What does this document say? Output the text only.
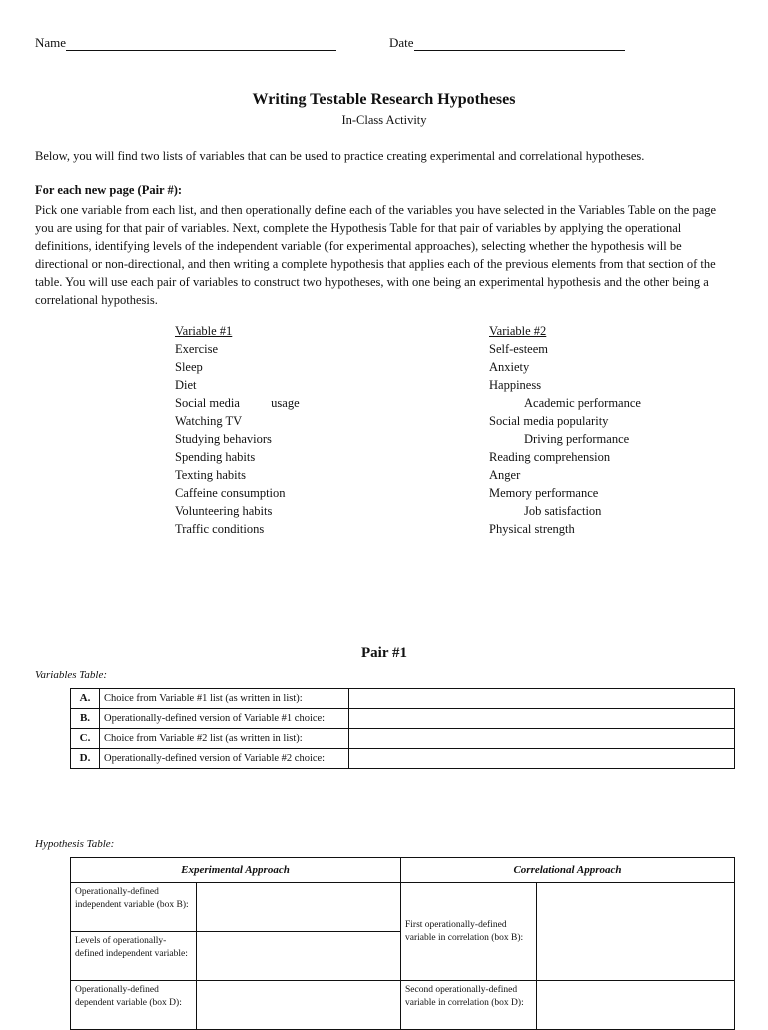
Name	Date
Writing Testable Research Hypotheses
In-Class Activity
Below, you will find two lists of variables that can be used to practice creating experimental and correlational hypotheses.
For each new page (Pair #):
Pick one variable from each list, and then operationally define each of the variables you have selected in the Variables Table on the page you are using for that pair of variables. Next, complete the Hypothesis Table for that pair of variables by applying the operational definitions, identifying levels of the independent variable (for experimental approaches), selecting whether the hypothesis will be directional or non-directional, and then writing a complete hypothesis that applies each of the previous elements from that section of the table. You will use each pair of variables to construct two hypotheses, with one being an experimental hypothesis and the other being a correlational hypothesis.
Variable #1
Exercise
Sleep
Diet
Social media          usage
Watching TV
Studying behaviors
Spending habits
Texting habits
Caffeine consumption
Volunteering habits
Traffic conditions
Variable #2
Self-esteem
Anxiety
Happiness
Academic performance
Social media popularity
Driving performance
Reading comprehension
Anger
Memory performance
Job satisfaction
Physical strength
Pair #1
Variables Table:
A.	Choice from Variable #1 list (as written in list):	
B.	Operationally-defined version of Variable #1 choice:	
C.	Choice from Variable #2 list (as written in list):	
D.	Operationally-defined version of Variable #2 choice:	
Hypothesis Table:
Experimental Approach		Correlational Approach	
Operationally-defined independent variable (box B):		First operationally-defined variable in correlation (box B):	
Levels of operationally-defined independent variable:			
Operationally-defined dependent variable (box D):		Second operationally-defined variable in correlation (box D):	
